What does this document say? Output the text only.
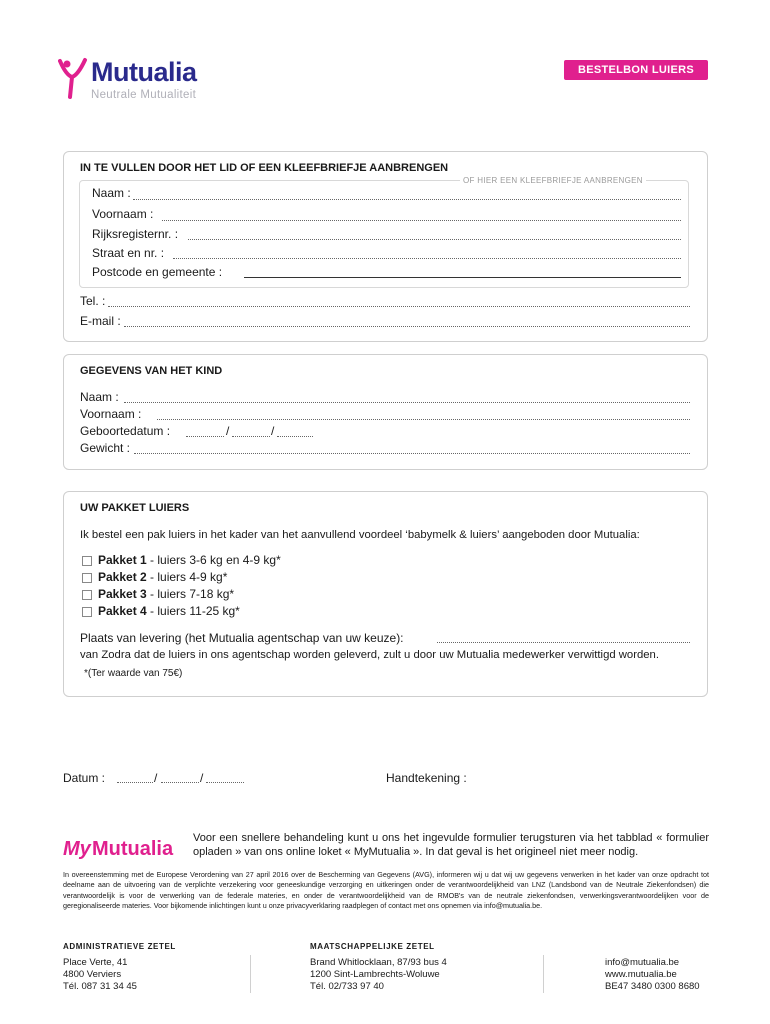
Mutualia
Neutrale Mutualiteit
BESTELBON LUIERS
IN TE VULLEN DOOR HET LID OF EEN KLEEFBRIEFJE AANBRENGEN
OF HIER EEN KLEEFBRIEFJE AANBRENGEN
Naam :
Voornaam :
Rijksregisternr. :
Straat en nr. :
Postcode en gemeente :
Tel. :
E-mail :
GEGEVENS VAN HET KIND
Naam :
Voornaam :
Geboortedatum :	/	/
Gewicht :
UW PAKKET LUIERS
Ik bestel een pak luiers in het kader van het aanvullend voordeel ‘babymelk & luiers’ aangeboden door Mutualia:
Pakket 1 - luiers 3-6 kg en 4-9 kg*
Pakket 2 - luiers 4-9 kg*
Pakket 3 - luiers 7-18 kg*
Pakket 4 - luiers 11-25 kg*
Plaats van levering (het Mutualia agentschap van uw keuze):
van Zodra dat de luiers in ons agentschap worden geleverd, zult u door uw Mutualia medewerker verwittigd worden.
*(Ter waarde van 75€)
Datum :	/	/	Handtekening :
My Mutualia Voor een snellere behandeling kunt u ons het ingevulde formulier terugsturen via het tabblad « formulier opladen » van ons online loket « MyMutualia ». In dat geval is het origineel niet meer nodig.
In overeenstemming met de Europese Verordening van 27 april 2016 over de Bescherming van Gegevens (AVG), informeren wij u dat wij uw gegevens verwerken in het kader van onze opdracht tot deelname aan de uitvoering van de verplichte verzekering voor geneeskundige verzorging en uitkeringen onder de verantwoordelijkheid van LNZ (Landsbond van de Neutrale Ziekenfondsen) die verantwoordelijk is voor de verwerking van de federale materies, en onder de verantwoordelijkheid van de RMOB's van de neutrale ziekenfondsen, verwerkingsverantwoordelijken voor de geregionaliseerde materies. Voor bijkomende inlichtingen kunt u onze privacyverklaring raadplegen of contact met ons opnemen via info@mutualia.be.
ADMINISTRATIEVE ZETEL
Place Verte, 41
4800 Verviers
Tél. 087 31 34 45
MAATSCHAPPELIJKE ZETEL
Brand Whitlocklaan, 87/93 bus 4
1200 Sint-Lambrechts-Woluwe
Tél. 02/733 97 40
info@mutualia.be
www.mutualia.be
BE47 3480 0300 8680
